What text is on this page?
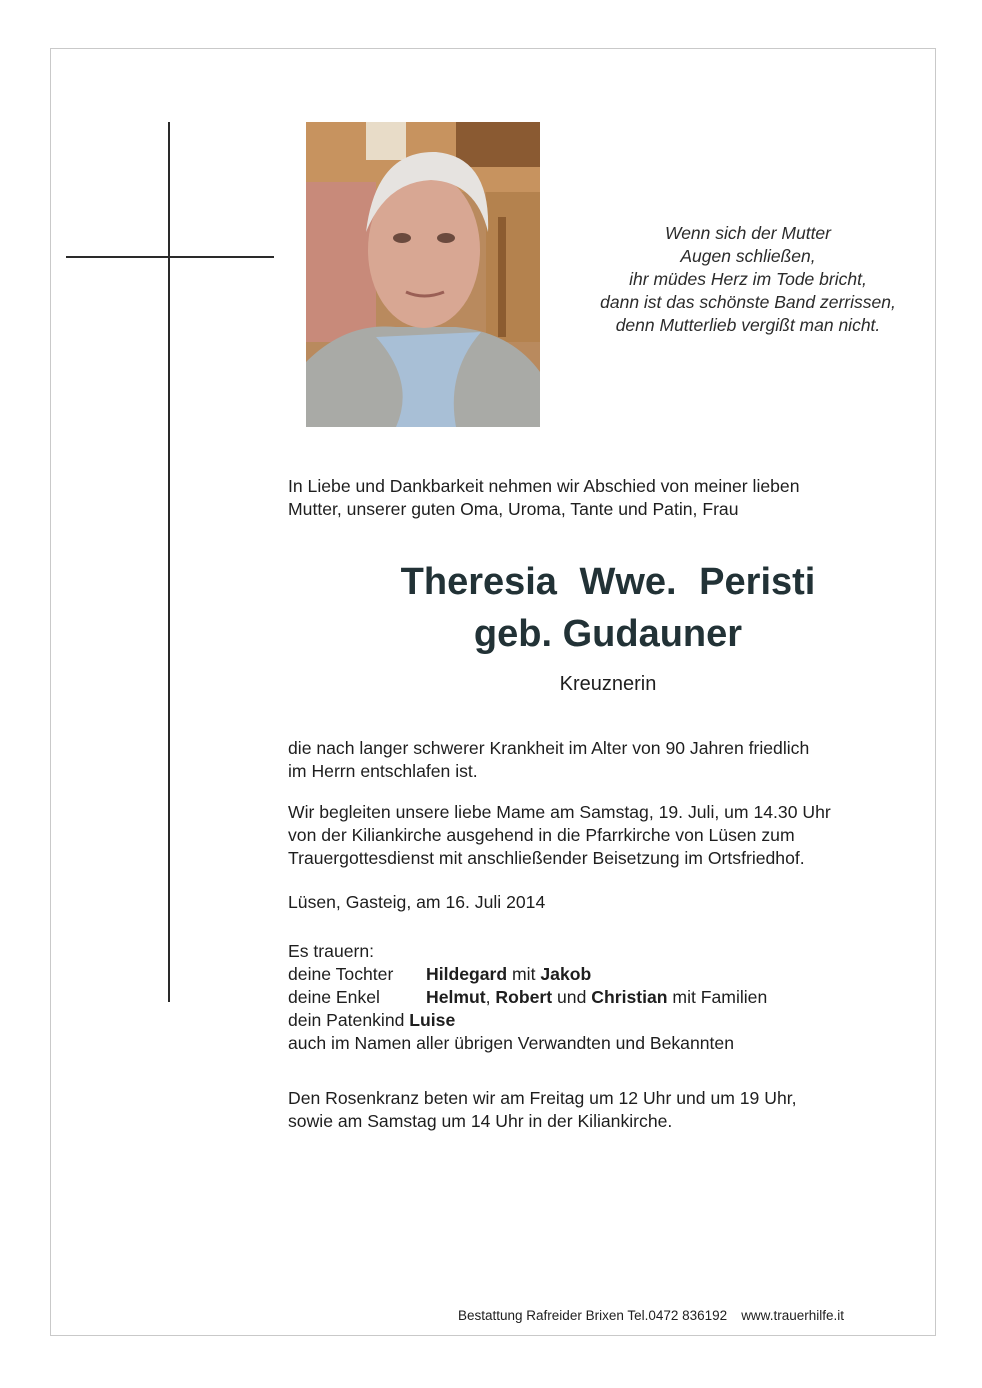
Wenn sich der Mutter
Augen schließen,
ihr müdes Herz im Tode bricht,
dann ist das schönste Band zerrissen,
denn Mutterlieb vergißt man nicht.
In Liebe und Dankbarkeit nehmen wir Abschied von meiner lieben
Mutter, unserer guten Oma, Uroma, Tante und Patin, Frau
Theresia Wwe. Peristi
geb. Gudauner
Kreuznerin
die nach langer schwerer Krankheit im Alter von 90 Jahren friedlich
im Herrn entschlafen ist.
Wir begleiten unsere liebe Mame am Samstag, 19. Juli, um 14.30 Uhr
von der Kiliankirche ausgehend in die Pfarrkirche von Lüsen zum
Trauergottesdienst mit anschließender Beisetzung im Ortsfriedhof.
Lüsen, Gasteig, am 16. Juli 2014
Es trauern:
deine Tochter Hildegard mit Jakob
deine Enkel	Helmut, Robert und Christian mit Familien
dein Patenkind Luise
auch im Namen aller übrigen Verwandten und Bekannten
Den Rosenkranz beten wir am Freitag um 12 Uhr und um 19 Uhr,
sowie am Samstag um 14 Uhr in der Kiliankirche.
Bestattung Rafreider Brixen Tel.0472 836192 www.trauerhilfe.it
